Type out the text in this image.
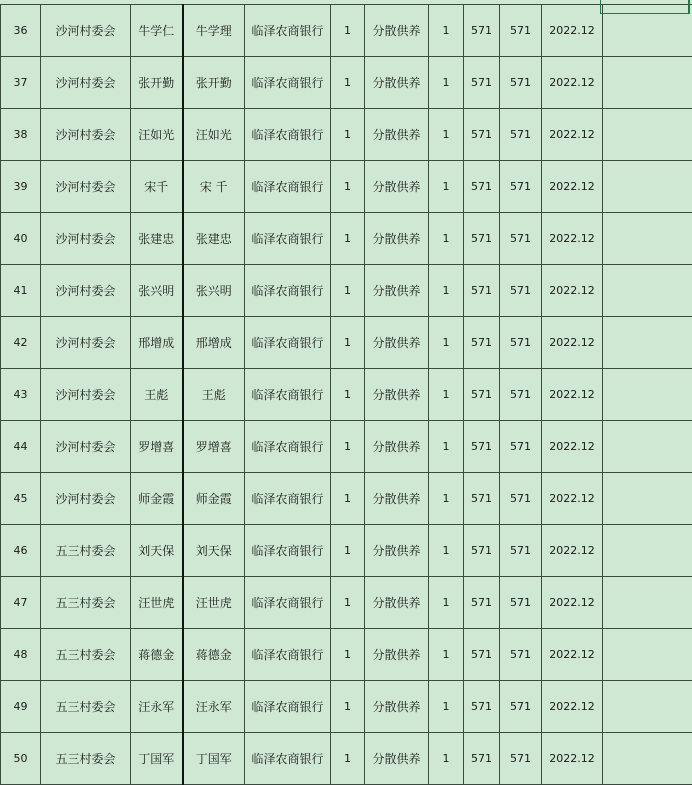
36	沙河村委会	牛学仁	牛学理	临泽农商银行	1	分散供养	1	571	571	2022.12	
37	沙河村委会	张开勤	张开勤	临泽农商银行	1	分散供养	1	571	571	2022.12	
38	沙河村委会	汪如光	汪如光	临泽农商银行	1	分散供养	1	571	571	2022.12	
39	沙河村委会	宋千	宋 千	临泽农商银行	1	分散供养	1	571	571	2022.12	
40	沙河村委会	张建忠	张建忠	临泽农商银行	1	分散供养	1	571	571	2022.12	
41	沙河村委会	张兴明	张兴明	临泽农商银行	1	分散供养	1	571	571	2022.12	
42	沙河村委会	邢增成	邢增成	临泽农商银行	1	分散供养	1	571	571	2022.12	
43	沙河村委会	王彪	王彪	临泽农商银行	1	分散供养	1	571	571	2022.12	
44	沙河村委会	罗增喜	罗增喜	临泽农商银行	1	分散供养	1	571	571	2022.12	
45	沙河村委会	师金霞	师金霞	临泽农商银行	1	分散供养	1	571	571	2022.12	
46	五三村委会	刘天保	刘天保	临泽农商银行	1	分散供养	1	571	571	2022.12	
47	五三村委会	汪世虎	汪世虎	临泽农商银行	1	分散供养	1	571	571	2022.12	
48	五三村委会	蒋德金	蒋德金	临泽农商银行	1	分散供养	1	571	571	2022.12	
49	五三村委会	汪永军	汪永军	临泽农商银行	1	分散供养	1	571	571	2022.12	
50	五三村委会	丁国军	丁国军	临泽农商银行	1	分散供养	1	571	571	2022.12	
